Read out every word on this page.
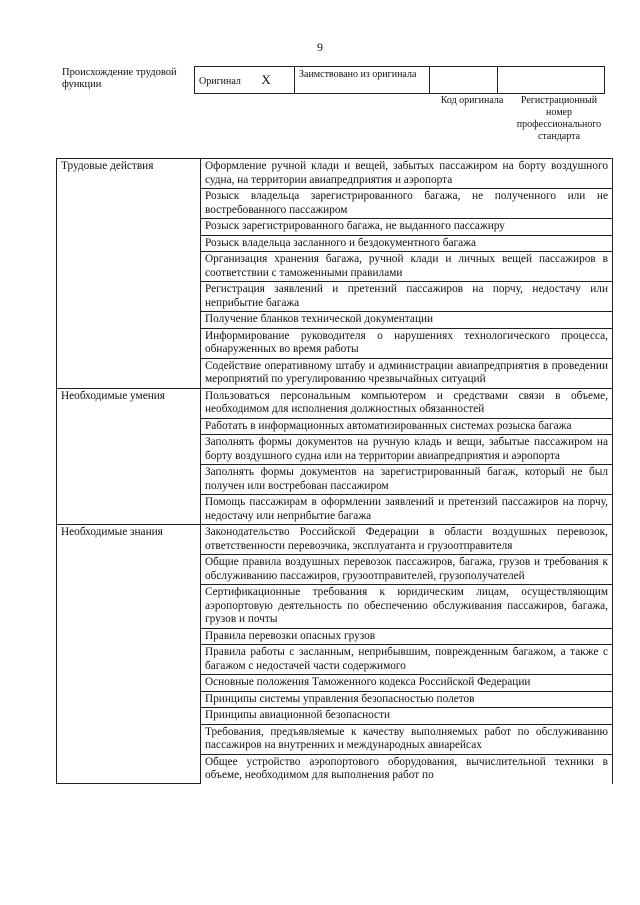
9
Происхождение трудовой функции	Оригинал X	Заимствовано из оригинала		
Код оригинала	Регистрационный номер профессионального стандарта
Трудовые действия	Оформление ручной клади и вещей, забытых пассажиром на борту воздушного судна, на территории авиапредприятия и аэропорта
	Розыск владельца зарегистрированного багажа, не полученного или не востребованного пассажиром
	Розыск зарегистрированного багажа, не выданного пассажиру
	Розыск владельца засланного и бездокументного багажа
	Организация хранения багажа, ручной клади и личных вещей пассажиров в соответствии с таможенными правилами
	Регистрация заявлений и претензий пассажиров на порчу, недостачу или неприбытие багажа
	Получение бланков технической документации
	Информирование руководителя о нарушениях технологического процесса, обнаруженных во время работы
	Содействие оперативному штабу и администрации авиапредприятия в проведении мероприятий по урегулированию чрезвычайных ситуаций
Необходимые умения	Пользоваться персональным компьютером и средствами связи в объеме, необходимом для исполнения должностных обязанностей
	Работать в информационных автоматизированных системах розыска багажа
	Заполнять формы документов на ручную кладь и вещи, забытые пассажиром на борту воздушного судна или на территории авиапредприятия и аэропорта
	Заполнять формы документов на зарегистрированный багаж, который не был получен или востребован пассажиром
	Помощь пассажирам в оформлении заявлений и претензий пассажиров на порчу, недостачу или неприбытие багажа
Необходимые знания	Законодательство Российской Федерации в области воздушных перевозок, ответственности перевозчика, эксплуатанта и грузоотправителя
	Общие правила воздушных перевозок пассажиров, багажа, грузов и требования к обслуживанию пассажиров, грузоотправителей, грузополучателей
	Сертификационные требования к юридическим лицам, осуществляющим аэропортовую деятельность по обеспечению обслуживания пассажиров, багажа, грузов и почты
	Правила перевозки опасных грузов
	Правила работы с засланным, неприбывшим, поврежденным багажом, а также с багажом с недостачей части содержимого
	Основные положения Таможенного кодекса Российской Федерации
	Принципы системы управления безопасностью полетов
	Принципы авиационной безопасности
	Требования, предъявляемые к качеству выполняемых работ по обслуживанию пассажиров на внутренних и международных авиарейсах
	Общее устройство аэропортового оборудования, вычислительной техники в объеме, необходимом для выполнения работ по
